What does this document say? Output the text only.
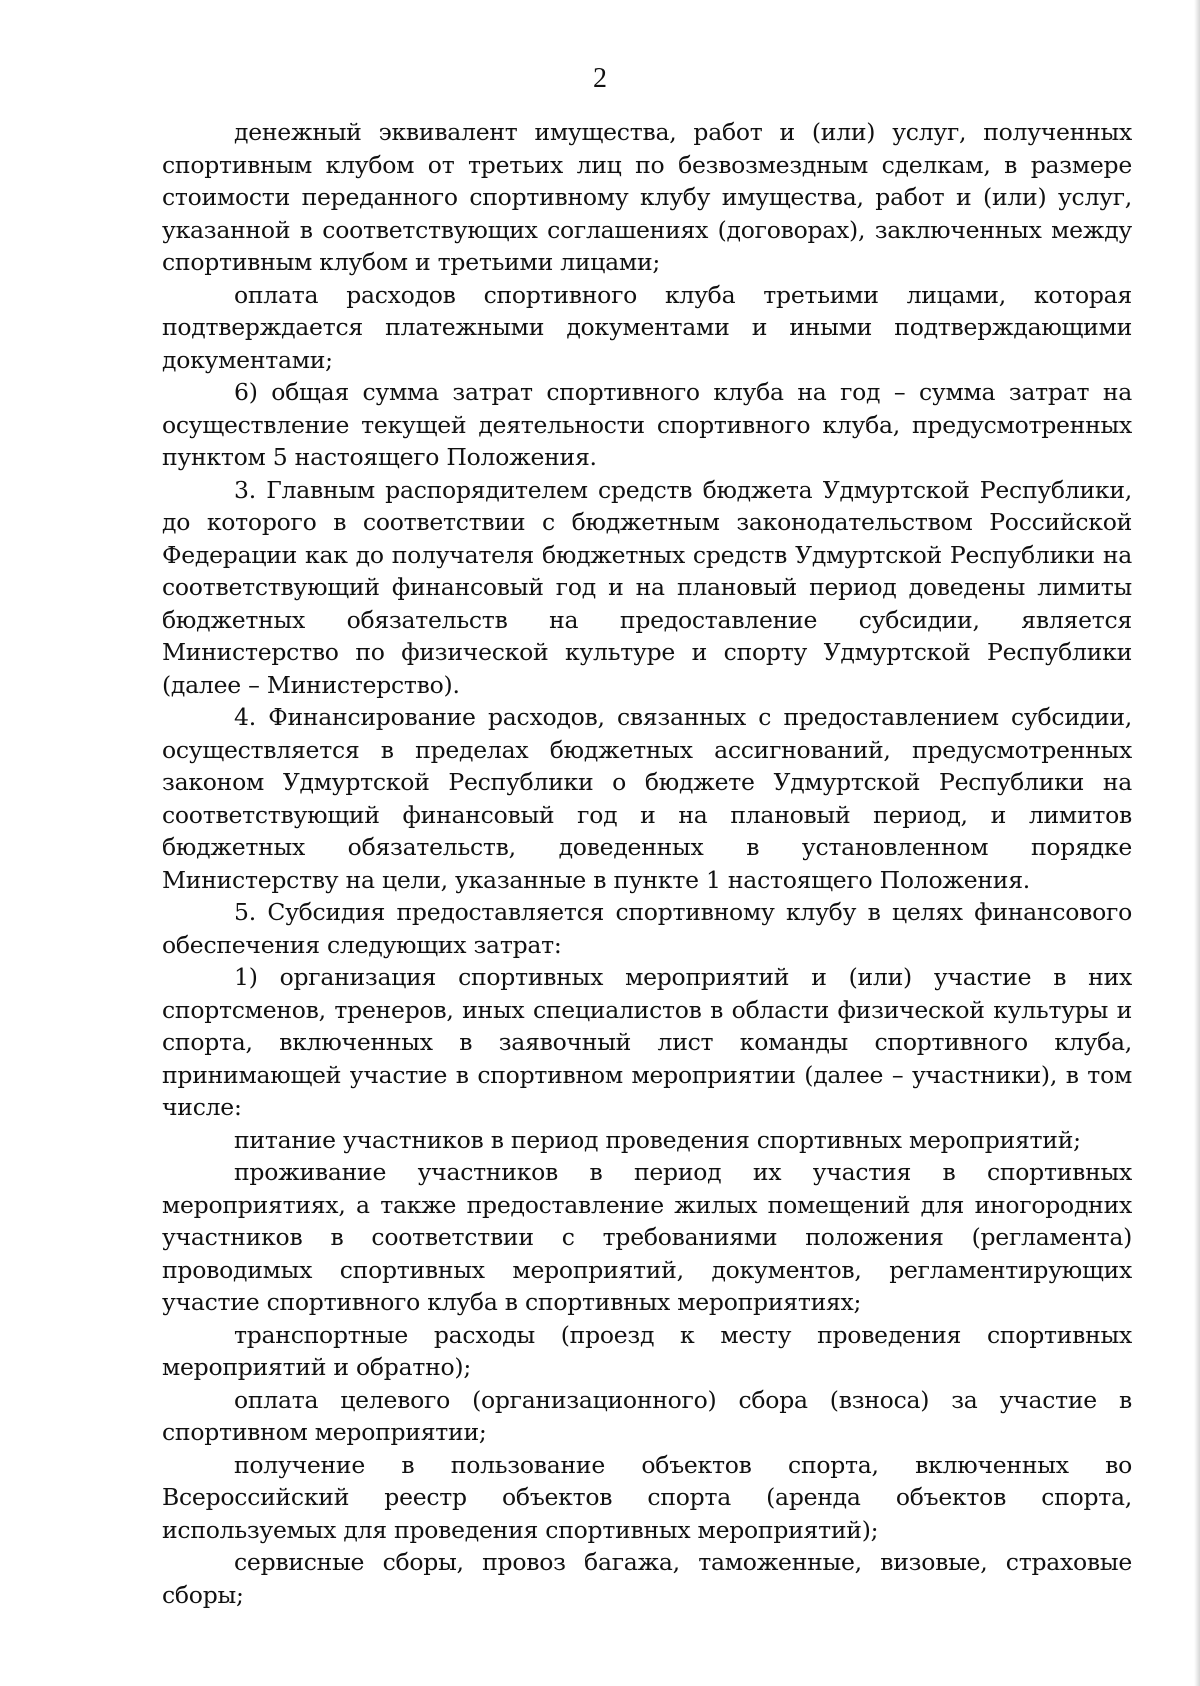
2

денежный эквивалент имущества, работ и (или) услуг, полученных спортивным клубом от третьих лиц по безвозмездным сделкам, в размере стоимости переданного спортивному клубу имущества, работ и (или) услуг, указанной в соответствующих соглашениях (договорах), заключенных между спортивным клубом и третьими лицами;

оплата расходов спортивного клуба третьими лицами, которая подтверждается платежными документами и иными подтверждающими документами;

6) общая сумма затрат спортивного клуба на год – сумма затрат на осуществление текущей деятельности спортивного клуба, предусмотренных пунктом 5 настоящего Положения.

3. Главным распорядителем средств бюджета Удмуртской Республики, до которого в соответствии с бюджетным законодательством Российской Федерации как до получателя бюджетных средств Удмуртской Республики на соответствующий финансовый год и на плановый период доведены лимиты бюджетных обязательств на предоставление субсидии, является Министерство по физической культуре и спорту Удмуртской Республики (далее – Министерство).

4. Финансирование расходов, связанных с предоставлением субсидии, осуществляется в пределах бюджетных ассигнований, предусмотренных законом Удмуртской Республики о бюджете Удмуртской Республики на соответствующий финансовый год и на плановый период, и лимитов бюджетных обязательств, доведенных в установленном порядке Министерству на цели, указанные в пункте 1 настоящего Положения.

5. Субсидия предоставляется спортивному клубу в целях финансового обеспечения следующих затрат:

1) организация спортивных мероприятий и (или) участие в них спортсменов, тренеров, иных специалистов в области физической культуры и спорта, включенных в заявочный лист команды спортивного клуба, принимающей участие в спортивном мероприятии (далее – участники), в том числе:

питание участников в период проведения спортивных мероприятий;

проживание участников в период их участия в спортивных мероприятиях, а также предоставление жилых помещений для иногородних участников в соответствии с требованиями положения (регламента) проводимых спортивных мероприятий, документов, регламентирующих участие спортивного клуба в спортивных мероприятиях;

транспортные расходы (проезд к месту проведения спортивных мероприятий и обратно);

оплата целевого (организационного) сбора (взноса) за участие в спортивном мероприятии;

получение в пользование объектов спорта, включенных во Всероссийский реестр объектов спорта (аренда объектов спорта, используемых для проведения спортивных мероприятий);

сервисные сборы, провоз багажа, таможенные, визовые, страховые сборы;
